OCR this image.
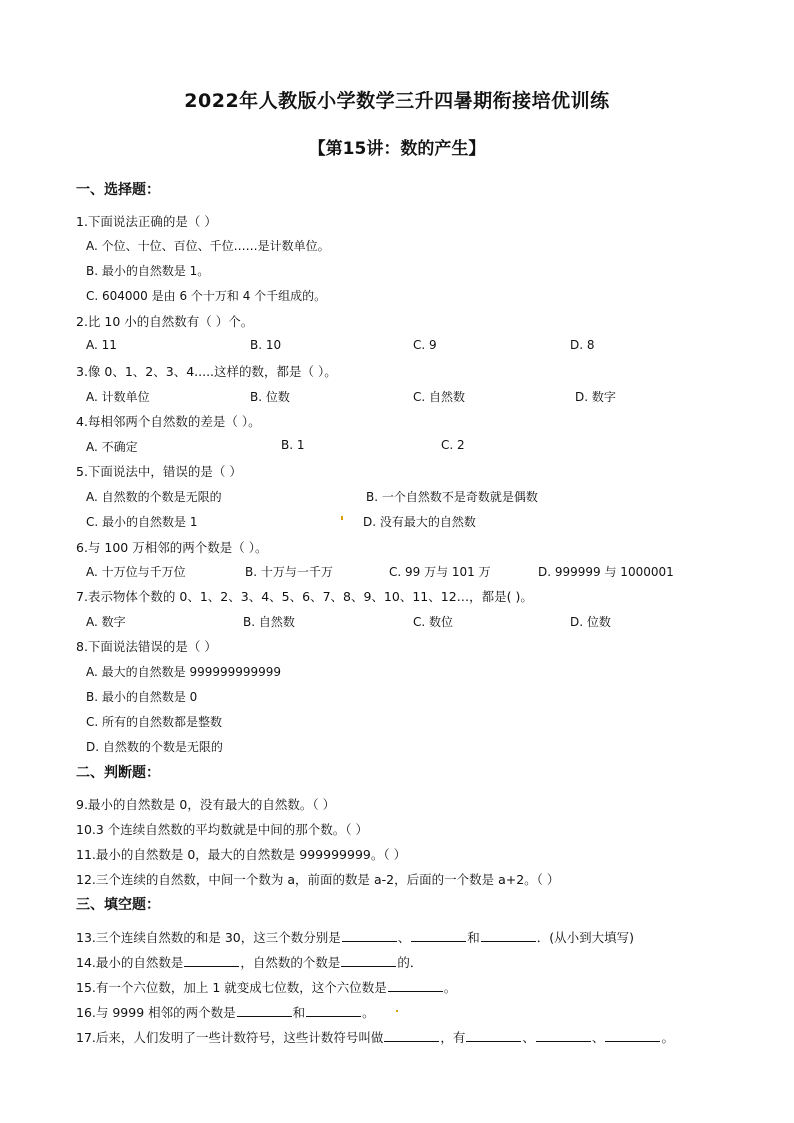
2022年人教版小学数学三升四暑期衔接培优训练
【第15讲：数的产生】
一、选择题：
1.下面说法正确的是（ ）
A. 个位、十位、百位、千位……是计数单位。
B. 最小的自然数是 1。
C. 604000 是由 6 个十万和 4 个千组成的。
2.比 10 小的自然数有（ ）个。
A. 11	B. 10	C. 9	D. 8
3.像 0、1、2、3、4.....这样的数，都是（ ）。
A. 计数单位	B. 位数	C. 自然数	D. 数字
4.每相邻两个自然数的差是（ ）。
A. 不确定	B. 1	C. 2
5.下面说法中，错误的是（ ）
A. 自然数的个数是无限的	B. 一个自然数不是奇数就是偶数
C. 最小的自然数是 1	D. 没有最大的自然数
6.与 100 万相邻的两个数是（ ）。
A. 十万位与千万位	B. 十万与一千万	C. 99 万与 101 万	D. 999999 与 1000001
7.表示物体个数的 0、1、2、3、4、5、6、7、8、9、10、11、12…，都是( )。
A. 数字	B. 自然数	C. 数位	D. 位数
8.下面说法错误的是（ ）
A. 最大的自然数是 999999999999
B. 最小的自然数是 0
C. 所有的自然数都是整数
D. 自然数的个数是无限的
二、判断题：
9.最小的自然数是 0，没有最大的自然数。（ ）
10.3 个连续自然数的平均数就是中间的那个数。（ ）
11.最小的自然数是 0，最大的自然数是 999999999。（ ）
12.三个连续的自然数，中间一个数为 a，前面的数是 a-2，后面的一个数是 a+2。（ ）
三、填空题：
13.三个连续自然数的和是 30，这三个数分别是	、	和	．(从小到大填写)
14.最小的自然数是	，自然数的个数是	的．
15.有一个六位数，加上 1 就变成七位数，这个六位数是	。
16.与 9999 相邻的两个数是	和	。
17.后来，人们发明了一些计数符号，这些计数符号叫做	，有	、	、	。
